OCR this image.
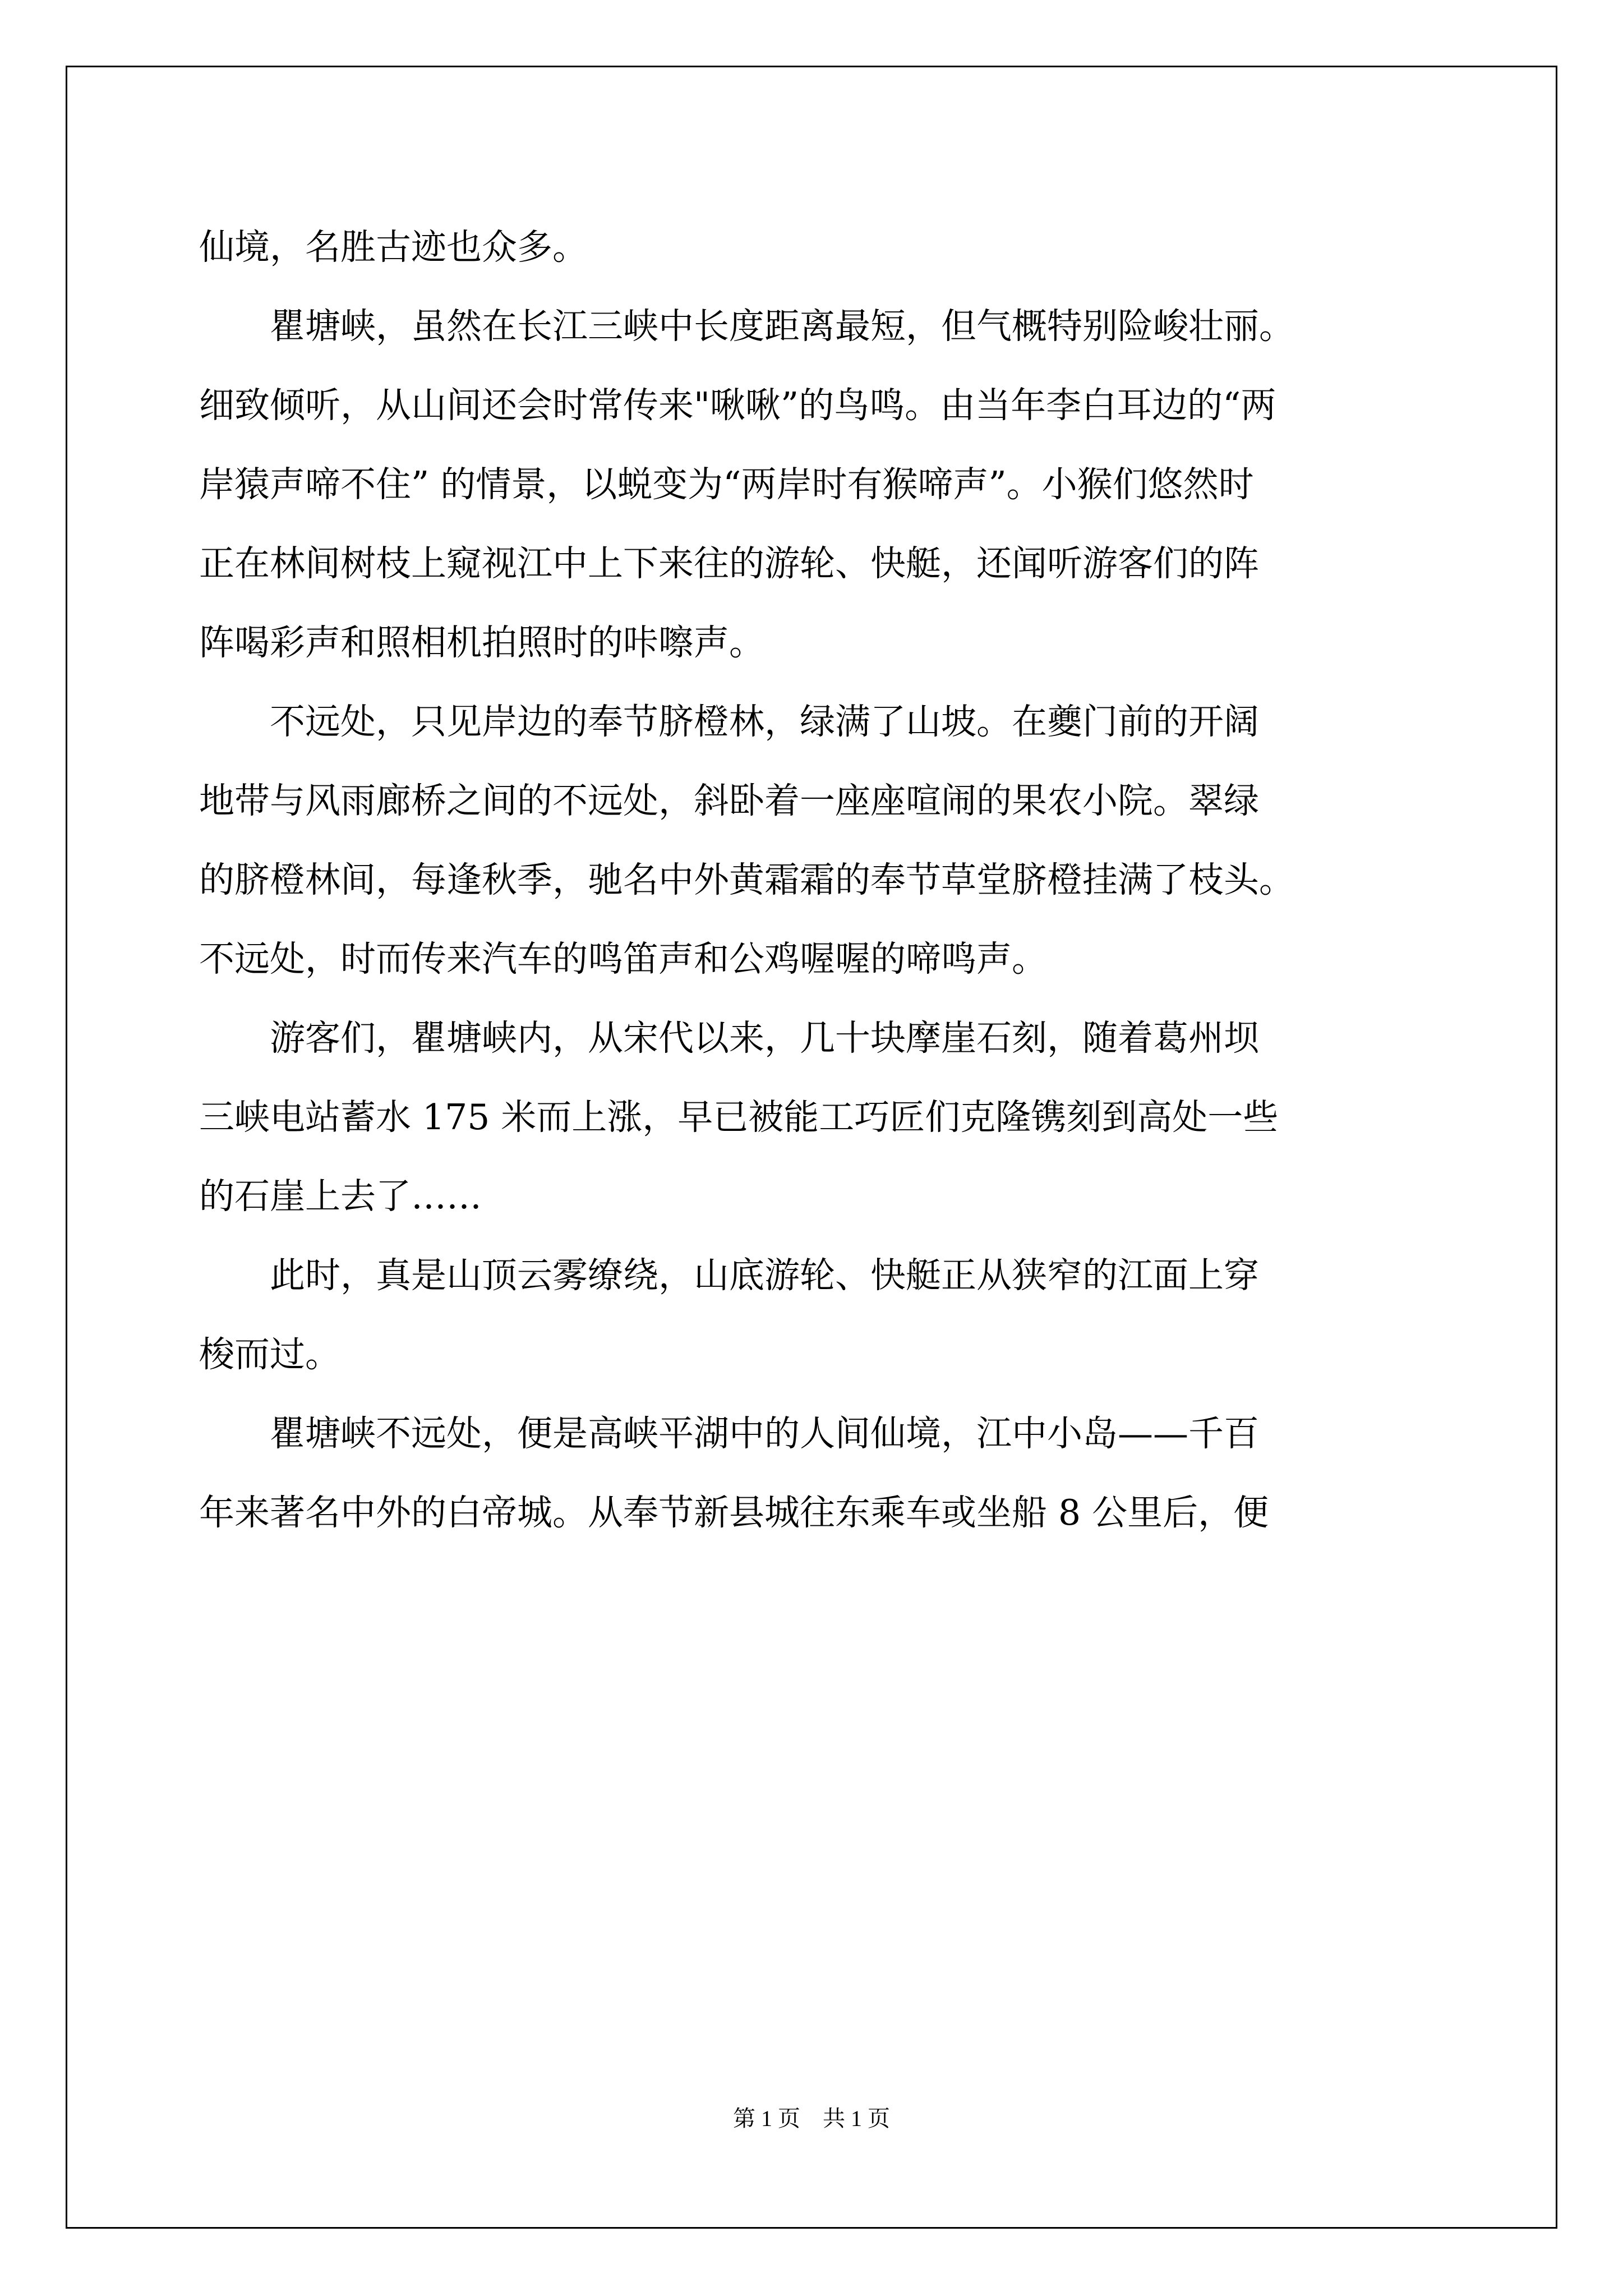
仙境，名胜古迹也众多。
　　瞿塘峡，虽然在长江三峡中长度距离最短，但气概特别险峻壮丽。
细致倾听，从山间还会时常传来"啾啾”的鸟鸣。由当年李白耳边的“两
岸猿声啼不住” 的情景，以蜕变为“两岸时有猴啼声”。小猴们悠然时
正在林间树枝上窥视江中上下来往的游轮、快艇，还闻听游客们的阵
阵喝彩声和照相机拍照时的咔嚓声。
　　不远处，只见岸边的奉节脐橙林，绿满了山坡。在夔门前的开阔
地带与风雨廊桥之间的不远处，斜卧着一座座喧闹的果农小院。翠绿
的脐橙林间，每逢秋季，驰名中外黄霜霜的奉节草堂脐橙挂满了枝头。
不远处，时而传来汽车的鸣笛声和公鸡喔喔的啼鸣声。
　　游客们，瞿塘峡内，从宋代以来，几十块摩崖石刻，随着葛州坝
三峡电站蓄水 175 米而上涨，早已被能工巧匠们克隆镌刻到高处一些
的石崖上去了……
　　此时，真是山顶云雾缭绕，山底游轮、快艇正从狭窄的江面上穿
梭而过。
　　瞿塘峡不远处，便是高峡平湖中的人间仙境，江中小岛——千百
年来著名中外的白帝城。从奉节新县城往东乘车或坐船 8 公里后，便
第 1 页　共 1 页
